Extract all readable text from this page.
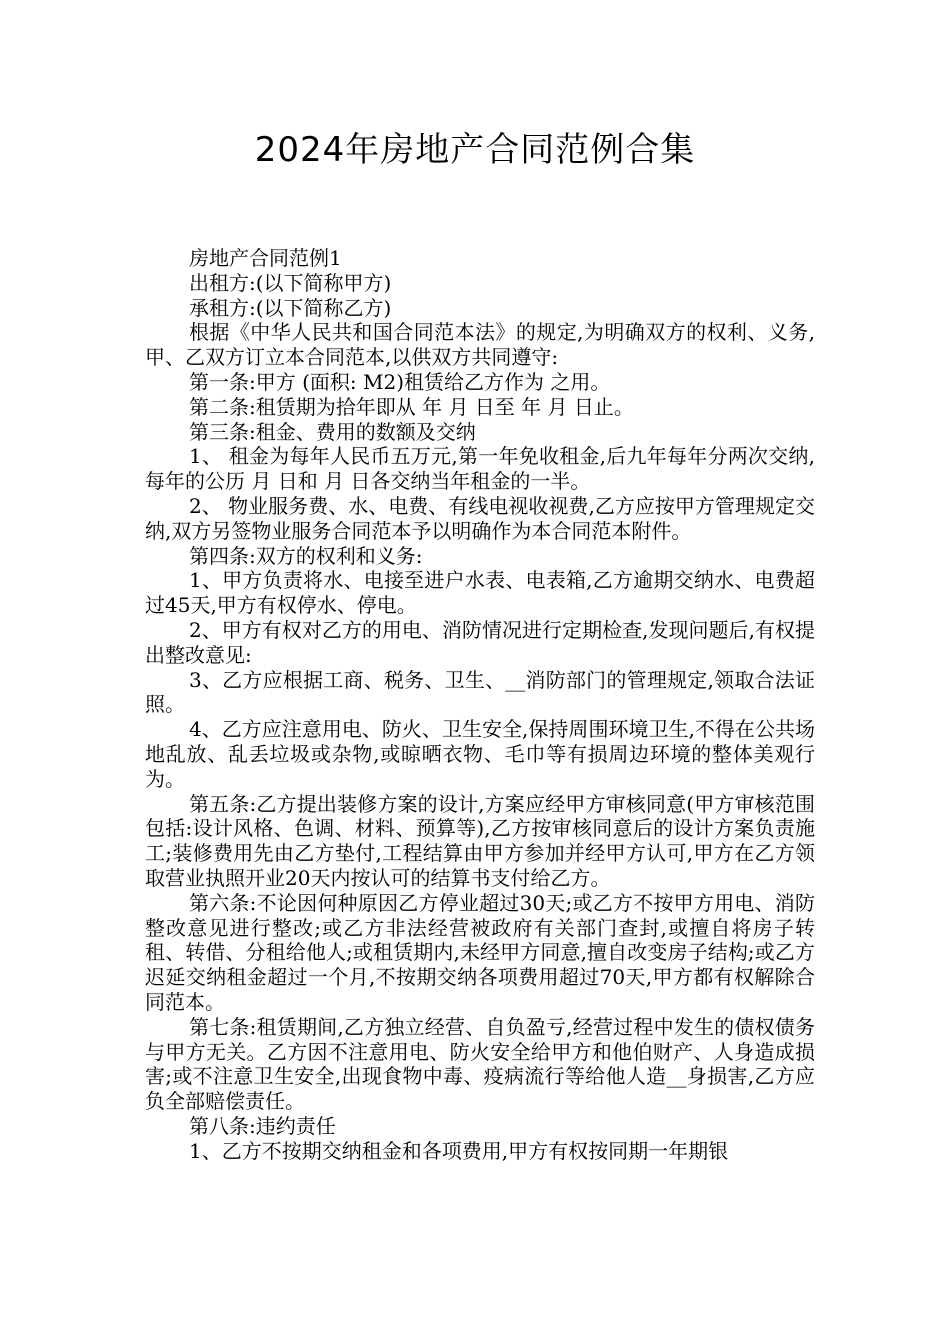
2024年房地产合同范例合集

房地产合同范例1

出租方:(以下简称甲方)

承租方:(以下简称乙方)

根据《中华人民共和国合同范本法》的规定,为明确双方的权利、义务,甲、乙双方订立本合同范本,以供双方共同遵守:

第一条:甲方 (面积: M2)租赁给乙方作为 之用。

第二条:租赁期为拾年即从 年 月 日至 年 月 日止。

第三条:租金、费用的数额及交纳

1、 租金为每年人民币五万元,第一年免收租金,后九年每年分两次交纳,每年的公历 月 日和 月 日各交纳当年租金的一半。

2、 物业服务费、水、电费、有线电视收视费,乙方应按甲方管理规定交纳,双方另签物业服务合同范本予以明确作为本合同范本附件。

第四条:双方的权利和义务:

1、甲方负责将水、电接至进户水表、电表箱,乙方逾期交纳水、电费超过45天,甲方有权停水、停电。

2、甲方有权对乙方的用电、消防情况进行定期检查,发现问题后,有权提出整改意见:

3、乙方应根据工商、税务、卫生、__消防部门的管理规定,领取合法证照。

4、乙方应注意用电、防火、卫生安全,保持周围环境卫生,不得在公共场地乱放、乱丢垃圾或杂物,或晾晒衣物、毛巾等有损周边环境的整体美观行为。

第五条:乙方提出装修方案的设计,方案应经甲方审核同意(甲方审核范围包括:设计风格、色调、材料、预算等),乙方按审核同意后的设计方案负责施工;装修费用先由乙方垫付,工程结算由甲方参加并经甲方认可,甲方在乙方领取营业执照开业20天内按认可的结算书支付给乙方。

第六条:不论因何种原因乙方停业超过30天;或乙方不按甲方用电、消防整改意见进行整改;或乙方非法经营被政府有关部门查封,或擅自将房子转租、转借、分租给他人;或租赁期内,未经甲方同意,擅自改变房子结构;或乙方迟延交纳租金超过一个月,不按期交纳各项费用超过70天,甲方都有权解除合同范本。

第七条:租赁期间,乙方独立经营、自负盈亏,经营过程中发生的债权债务与甲方无关。乙方因不注意用电、防火安全给甲方和他伯财产、人身造成损害;或不注意卫生安全,出现食物中毒、疫病流行等给他人造__身损害,乙方应负全部赔偿责任。

第八条:违约责任

1、乙方不按期交纳租金和各项费用,甲方有权按同期一年期银
